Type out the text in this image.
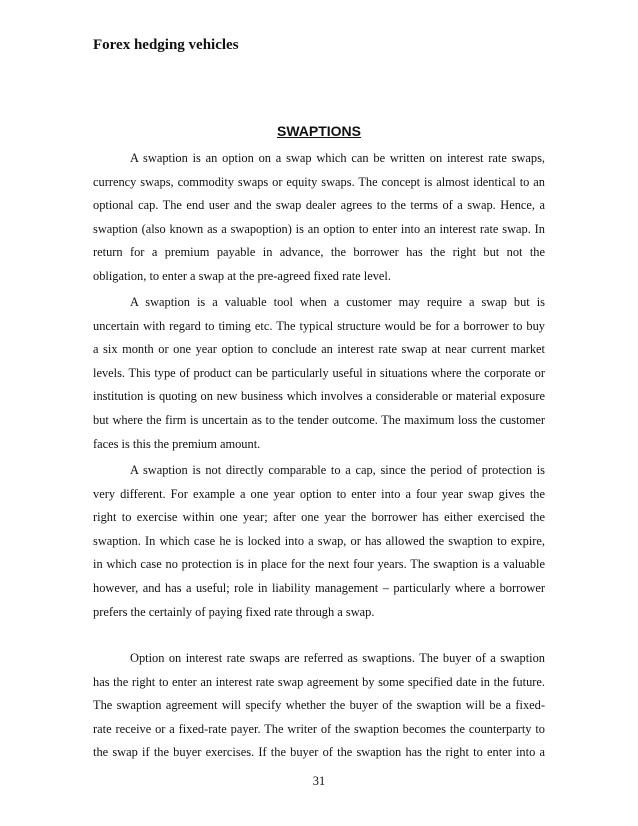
Forex hedging vehicles
SWAPTIONS
A swaption is an option on a swap which can be written on interest rate swaps,
currency swaps, commodity swaps or equity swaps. The concept is almost identical to an
optional cap. The end user and the swap dealer agrees to the terms of a swap. Hence, a
swaption (also known as a swapoption) is an option to enter into an interest rate swap. In
return for a premium payable in advance, the borrower has the right but not the
obligation, to enter a swap at the pre-agreed fixed rate level.
A swaption is a valuable tool when a customer may require a swap but is
uncertain with regard to timing etc. The typical structure would be for a borrower to buy
a six month or one year option to conclude an interest rate swap at near current market
levels. This type of product can be particularly useful in situations where the corporate or
institution is quoting on new business which involves a considerable or material exposure
but where the firm is uncertain as to the tender outcome. The maximum loss the customer
faces is this the premium amount.
A swaption is not directly comparable to a cap, since the period of protection is
very different. For example a one year option to enter into a four year swap gives the
right to exercise within one year; after one year the borrower has either exercised the
swaption. In which case he is locked into a swap, or has allowed the swaption to expire,
in which case no protection is in place for the next four years. The swaption is a valuable
however, and has a useful; role in liability management – particularly where a borrower
prefers the certainly of paying fixed rate through a swap.
Option on interest rate swaps are referred as swaptions. The buyer of a swaption
has the right to enter an interest rate swap agreement by some specified date in the future.
The swaption agreement will specify whether the buyer of the swaption will be a fixed-
rate receive or a fixed-rate payer. The writer of the swaption becomes the counterparty to
the swap if the buyer exercises. If the buyer of the swaption has the right to enter into a
31
